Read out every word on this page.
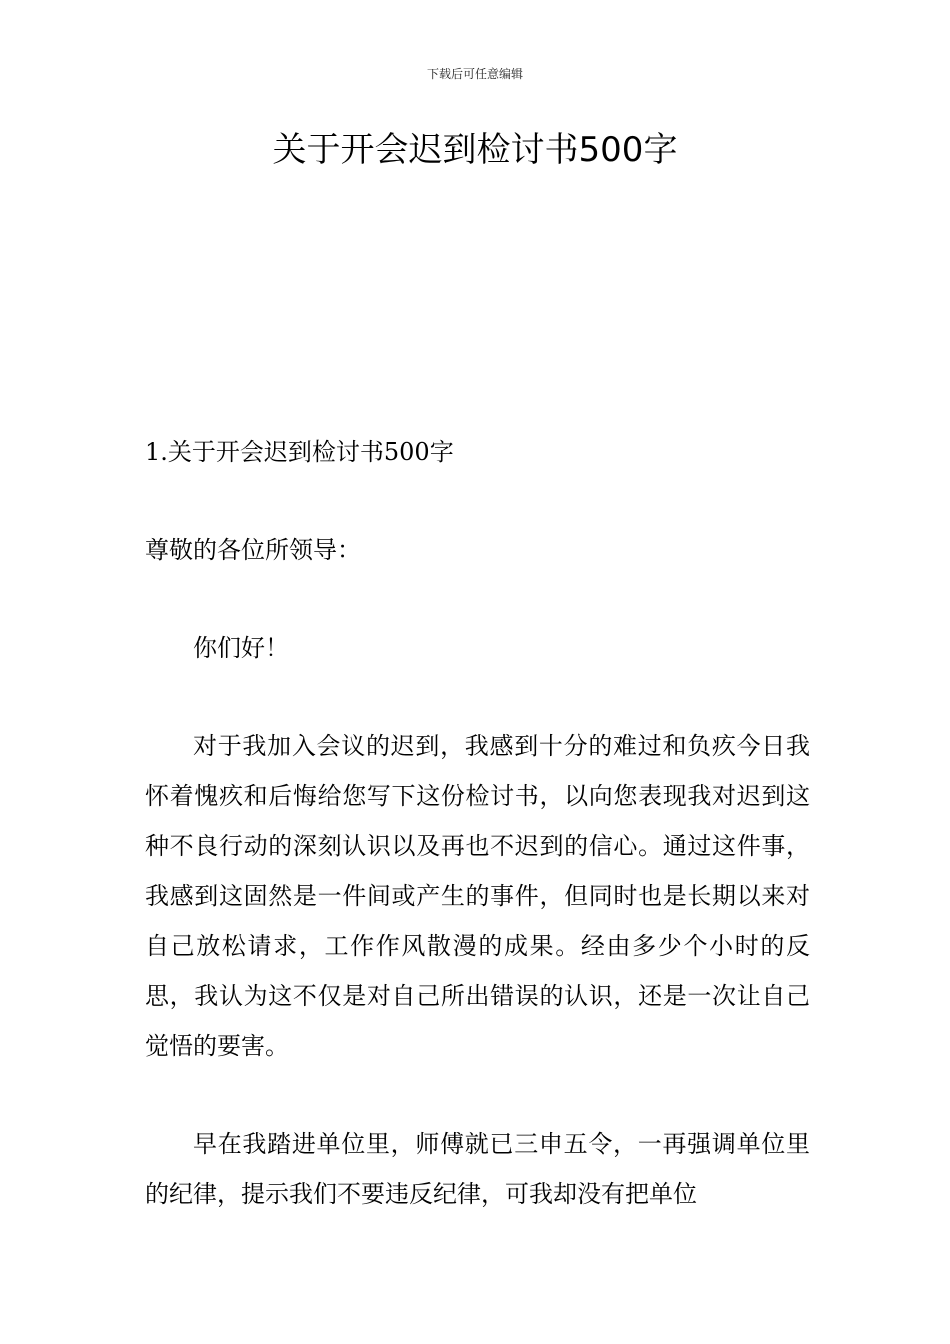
下载后可任意编辑
关于开会迟到检讨书500字

1.关于开会迟到检讨书500字

尊敬的各位所领导：

你们好！

对于我加入会议的迟到，我感到十分的难过和负疚今日我怀着愧疚和后悔给您写下这份检讨书，以向您表现我对迟到这种不良行动的深刻认识以及再也不迟到的信心。通过这件事，我感到这固然是一件间或产生的事件，但同时也是长期以来对自己放松请求，工作作风散漫的成果。经由多少个小时的反思，我认为这不仅是对自己所出错误的认识，还是一次让自己觉悟的要害。

早在我踏进单位里，师傅就已三申五令，一再强调单位里的纪律，提示我们不要违反纪律，可我却没有把单位
